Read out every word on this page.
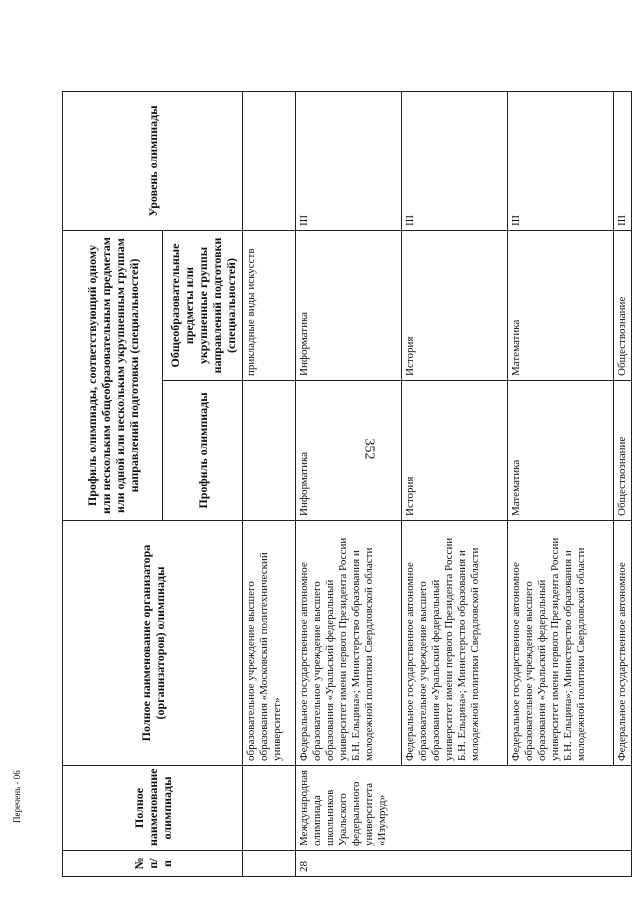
352
Перечень - 06
№ п/п	Полное наименование олимпиады	Полное наименование организатора (организаторов) олимпиады	Профиль олимпиады, соответствующий одному или нескольким общеобразовательным предметам или одной или нескольким укрупненным группам направлений подготовки (специальностей)		Уровень олимпиады
			Профиль олимпиады	Общеобразовательные предметы или укрупненные группы направлений подготовки (специальностей)	
		образовательное учреждение высшего образования «Московский политехнический университет»		прикладные виды искусств	
28	Международная олимпиада школьников Уральского федерального университета «Изумруд»	Федеральное государственное автономное образовательное учреждение высшего образования «Уральский федеральный университет имени первого Президента России Б.Н. Ельцина»; Министерство образования и молодежной политики Свердловской области	Информатика	Информатика	III
		Федеральное государственное автономное образовательное учреждение высшего образования «Уральский федеральный университет имени первого Президента России Б.Н. Ельцина»; Министерство образования и молодежной политики Свердловской области	История	История	III
		Федеральное государственное автономное образовательное учреждение высшего образования «Уральский федеральный университет имени первого Президента России Б.Н. Ельцина»; Министерство образования и молодежной политики Свердловской области	Математика	Математика	III
		Федеральное государственное автономное	Обществознание	Обществознание	III
